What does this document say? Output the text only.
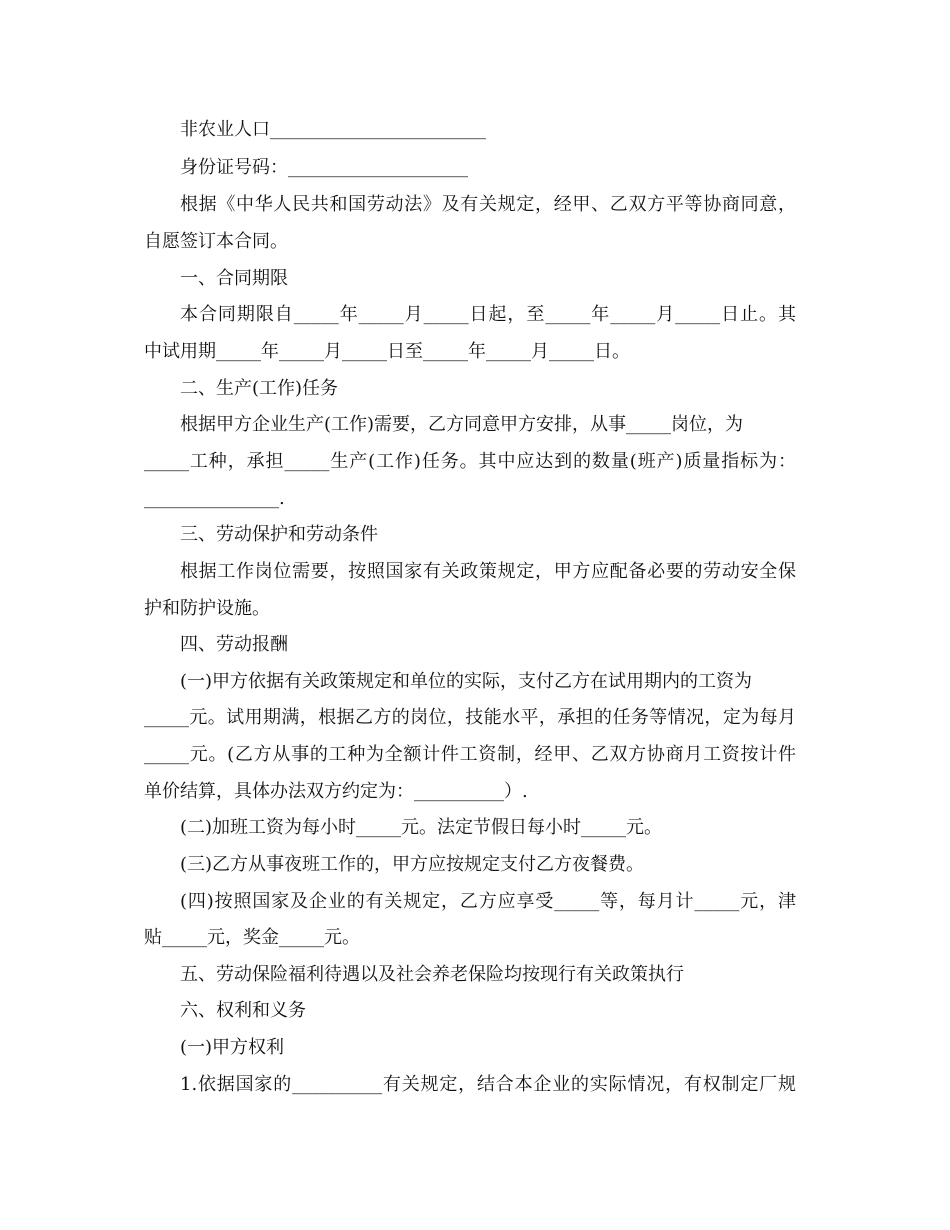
非农业人口________________________
身份证号码：____________________
根据《中华人民共和国劳动法》及有关规定，经甲、乙双方平等协商同意，
自愿签订本合同。
一、合同期限
本合同期限自_____年_____月_____日起，至_____年_____月_____日止。其
中试用期_____年_____月_____日至_____年_____月_____日。
二、生产(工作)任务
根据甲方企业生产(工作)需要，乙方同意甲方安排，从事_____岗位，为
_____工种，承担_____生产(工作)任务。其中应达到的数量(班产)质量指标为：
_______________.
三、劳动保护和劳动条件
根据工作岗位需要，按照国家有关政策规定，甲方应配备必要的劳动安全保
护和防护设施。
四、劳动报酬
(一)甲方依据有关政策规定和单位的实际，支付乙方在试用期内的工资为
_____元。试用期满，根据乙方的岗位，技能水平，承担的任务等情况，定为每月
_____元。(乙方从事的工种为全额计件工资制，经甲、乙双方协商月工资按计件
单价结算，具体办法双方约定为：__________）.
(二)加班工资为每小时_____元。法定节假日每小时_____元。
(三)乙方从事夜班工作的，甲方应按规定支付乙方夜餐费。
(四)按照国家及企业的有关规定，乙方应享受_____等，每月计_____元，津
贴_____元，奖金_____元。
五、劳动保险福利待遇以及社会养老保险均按现行有关政策执行
六、权利和义务
(一)甲方权利
1.依据国家的__________有关规定，结合本企业的实际情况，有权制定厂规
